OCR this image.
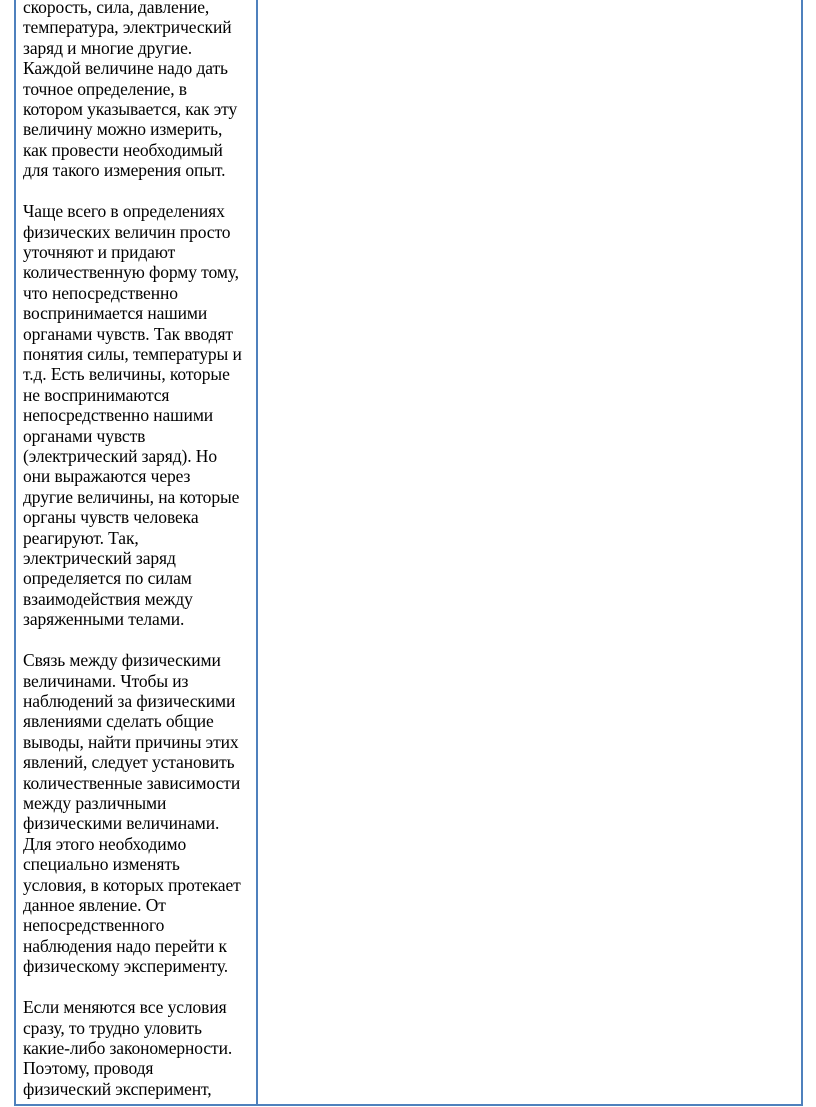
скорость, сила, давление,
температура, электрический
заряд и многие другие.
Каждой величине надо дать
точное определение, в
котором указывается, как эту
величину можно измерить,
как провести необходимый
для такого измерения опыт.

Чаще всего в определениях
физических величин просто
уточняют и придают
количественную форму тому,
что непосредственно
воспринимается нашими
органами чувств. Так вводят
понятия силы, температуры и
т.д. Есть величины, которые
не воспринимаются
непосредственно нашими
органами чувств
(электрический заряд). Но
они выражаются через
другие величины, на которые
органы чувств человека
реагируют. Так,
электрический заряд
определяется по силам
взаимодействия между
заряженными телами.

Связь между физическими
величинами. Чтобы из
наблюдений за физическими
явлениями сделать общие
выводы, найти причины этих
явлений, следует установить
количественные зависимости
между различными
физическими величинами.
Для этого необходимо
специально изменять
условия, в которых протекает
данное явление. От
непосредственного
наблюдения надо перейти к
физическому эксперименту.

Если меняются все условия
сразу, то трудно уловить
какие-либо закономерности.
Поэтому, проводя
физический эксперимент,
